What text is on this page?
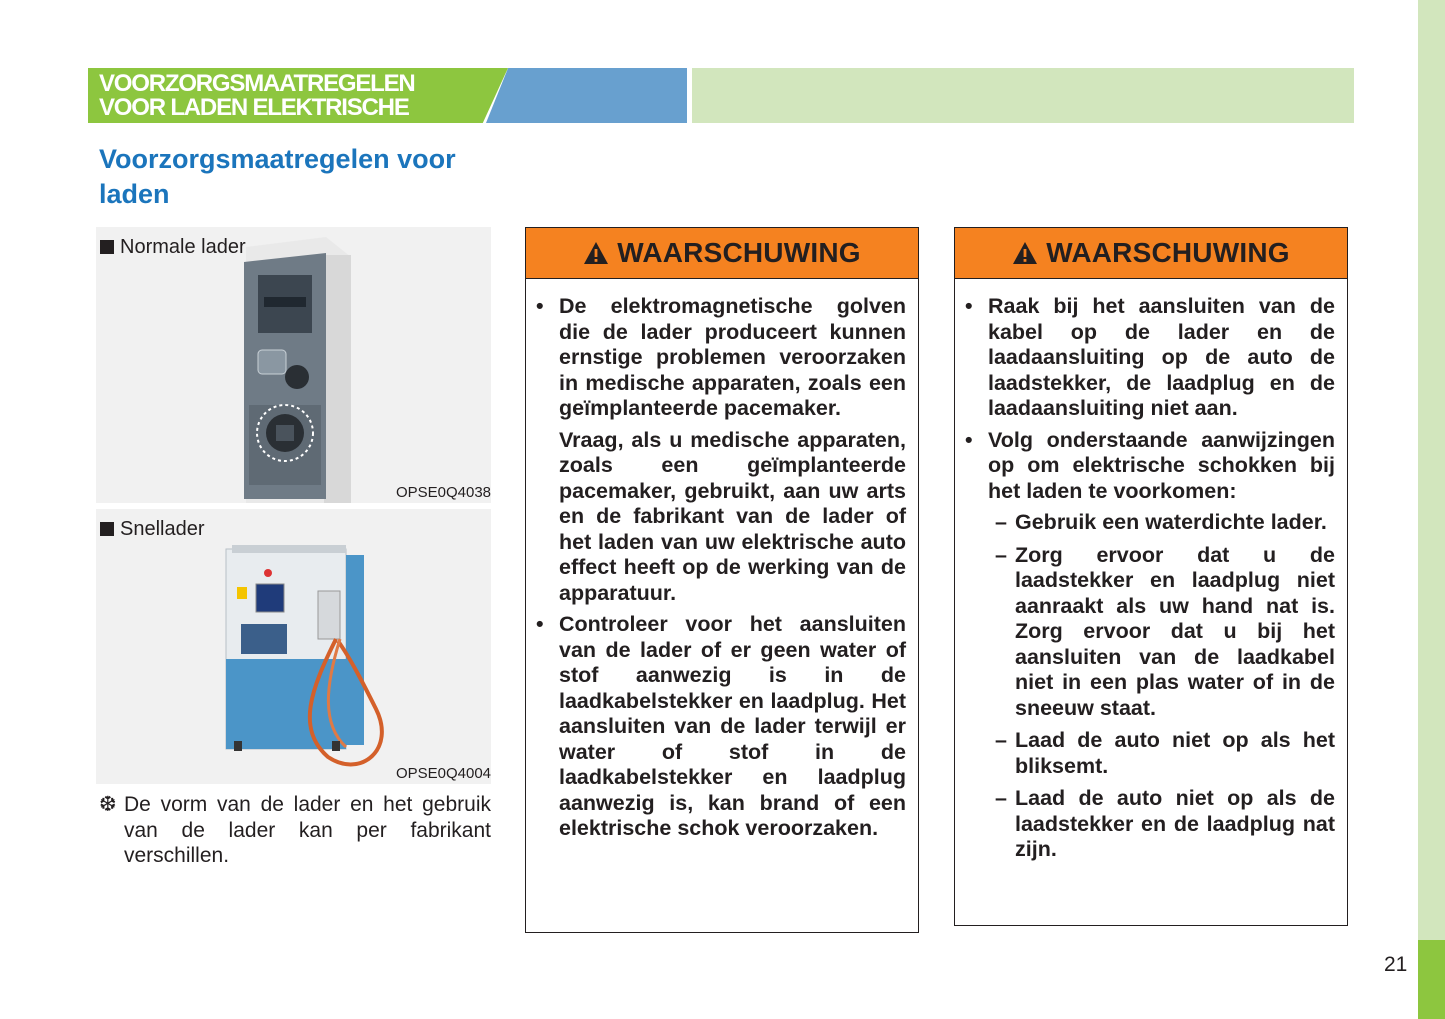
21
VOORZORGSMAATREGELEN
VOOR LADEN ELEKTRISCHE
Voorzorgsmaatregelen voor laden
Normale lader
OPSE0Q4038
Snellader
OPSE0Q4004
❆ De vorm van de lader en het gebruik van de lader kan per fabrikant verschillen.
WAARSCHUWING
• De elektromagnetische golven die de lader produceert kunnen ernstige problemen veroorzaken in medische apparaten, zoals een geïmplanteerde pacemaker.
Vraag, als u medische apparaten, zoals een geïmplanteerde pacemaker, gebruikt, aan uw arts en de fabrikant van de lader of het laden van uw elektrische auto effect heeft op de werking van de apparatuur.
• Controleer voor het aansluiten van de lader of er geen water of stof aanwezig is in de laadkabelstekker en laadplug. Het aansluiten van de lader terwijl er water of stof in de laadkabelstekker en laadplug aanwezig is, kan brand of een elektrische schok veroorzaken.
WAARSCHUWING
• Raak bij het aansluiten van de kabel op de lader en de laadaansluiting op de auto de laadstekker, de laadplug en de laadaansluiting niet aan.
• Volg onderstaande aanwijzingen op om elektrische schokken bij het laden te voorkomen:
– Gebruik een waterdichte lader.
– Zorg ervoor dat u de laadstekker en laadplug niet aanraakt als uw hand nat is. Zorg ervoor dat u bij het aansluiten van de laadkabel niet in een plas water of in de sneeuw staat.
– Laad de auto niet op als het bliksemt.
– Laad de auto niet op als de laadstekker en de laadplug nat zijn.
